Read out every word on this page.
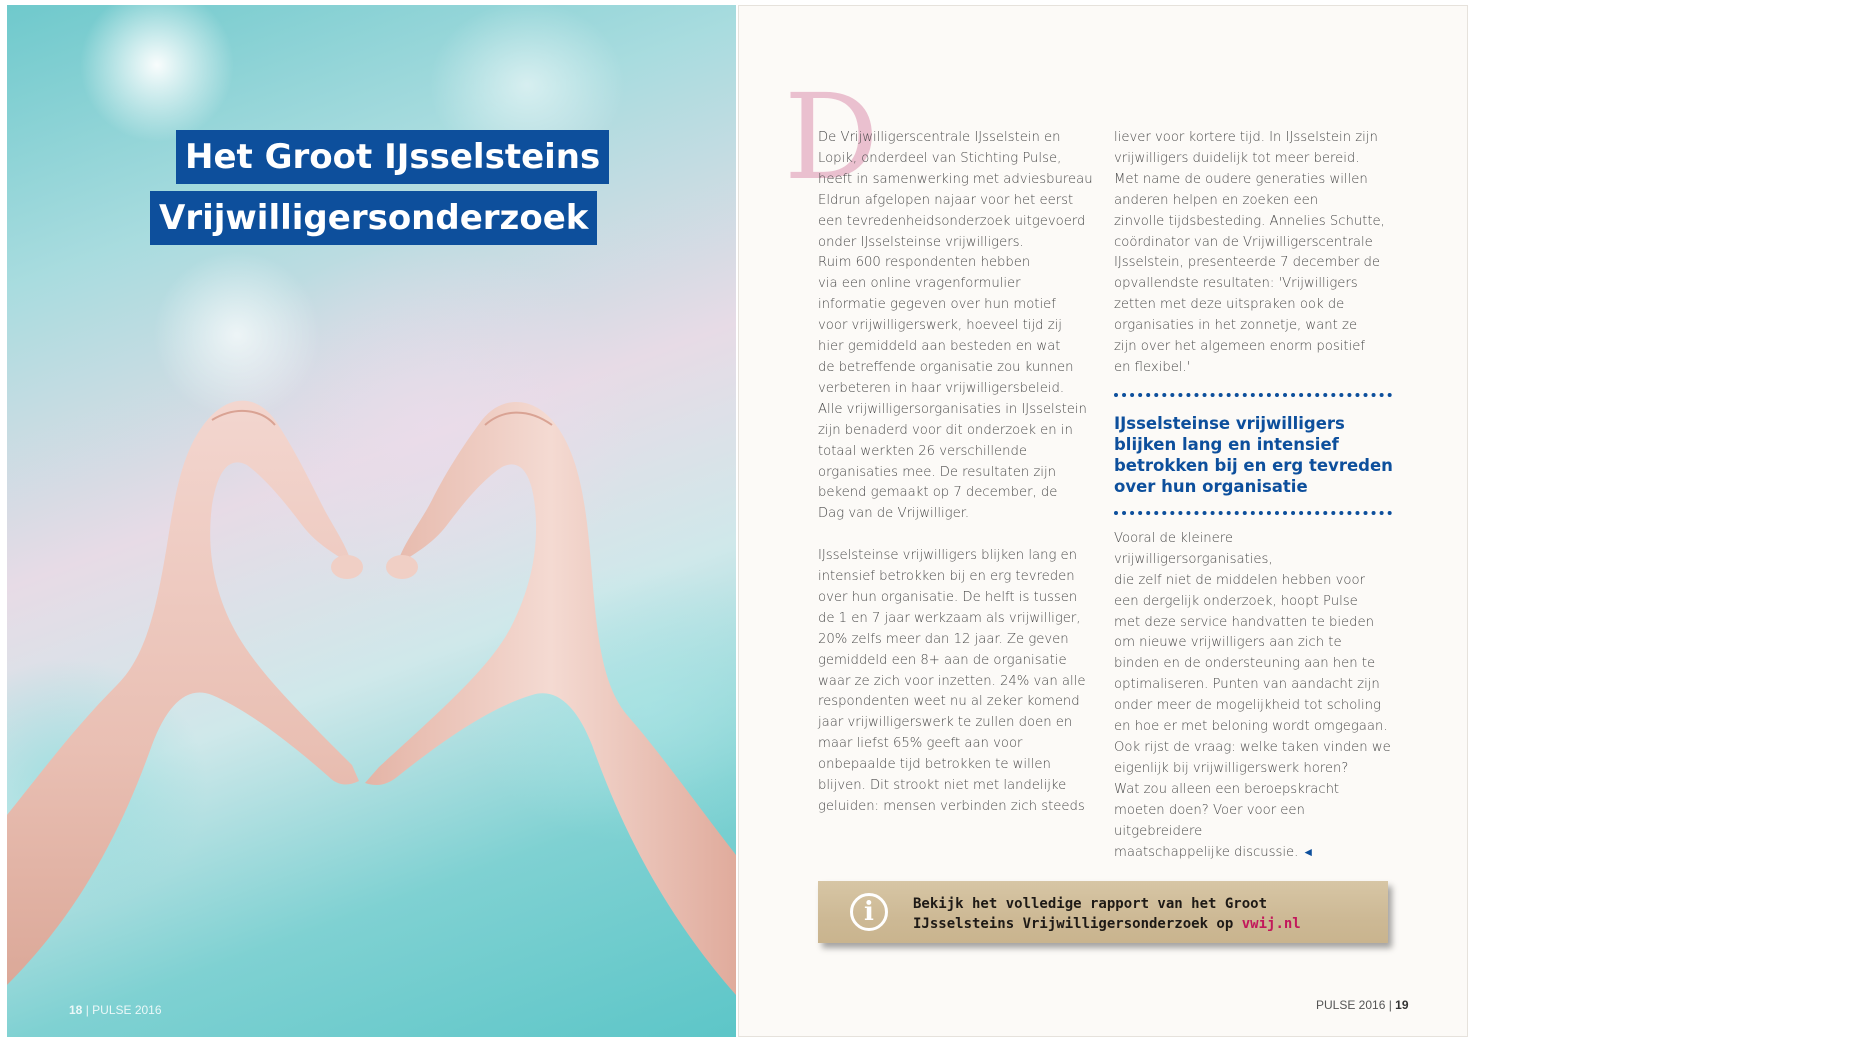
Het Groot IJsselsteins
Vrijwilligersonderzoek
18 | PULSE 2016
D

De Vrijwilligerscentrale IJsselstein en

Lopik, onderdeel van Stichting Pulse,

heeft in samenwerking met adviesbureau

Eldrun afgelopen najaar voor het eerst

een tevredenheidsonderzoek uitgevoerd

onder IJsselsteinse vrijwilligers.

Ruim 600 respondenten hebben

via een online vragenformulier

informatie gegeven over hun motief

voor vrijwilligerswerk, hoeveel tijd zij

hier gemiddeld aan besteden en wat

de betreffende organisatie zou kunnen

verbeteren in haar vrijwilligersbeleid.

Alle vrijwilligersorganisaties in IJsselstein

zijn benaderd voor dit onderzoek en in

totaal werkten 26 verschillende

organisaties mee. De resultaten zijn

bekend gemaakt op 7 december, de

Dag van de Vrijwilliger.

IJsselsteinse vrijwilligers blijken lang en

intensief betrokken bij en erg tevreden

over hun organisatie. De helft is tussen

de 1 en 7 jaar werkzaam als vrijwilliger,

20% zelfs meer dan 12 jaar. Ze geven

gemiddeld een 8+ aan de organisatie

waar ze zich voor inzetten. 24% van alle

respondenten weet nu al zeker komend

jaar vrijwilligerswerk te zullen doen en

maar liefst 65% geeft aan voor

onbepaalde tijd betrokken te willen

blijven. Dit strookt niet met landelijke

geluiden: mensen verbinden zich steeds

liever voor kortere tijd. In IJsselstein zijn

vrijwilligers duidelijk tot meer bereid.

Met name de oudere generaties willen

anderen helpen en zoeken een

zinvolle tijdsbesteding. Annelies Schutte,

coördinator van de Vrijwilligerscentrale

IJsselstein, presenteerde 7 december de

opvallendste resultaten: 'Vrijwilligers

zetten met deze uitspraken ook de

organisaties in het zonnetje, want ze

zijn over het algemeen enorm positief

en flexibel.'

IJsselsteinse vrijwilligers

blijken lang en intensief

betrokken bij en erg tevreden

over hun organisatie

Vooral de kleinere vrijwilligersorganisaties,

die zelf niet de middelen hebben voor

een dergelijk onderzoek, hoopt Pulse

met deze service handvatten te bieden

om nieuwe vrijwilligers aan zich te

binden en de ondersteuning aan hen te

optimaliseren. Punten van aandacht zijn

onder meer de mogelijkheid tot scholing

en hoe er met beloning wordt omgegaan.

Ook rijst de vraag: welke taken vinden we

eigenlijk bij vrijwilligerswerk horen?

Wat zou alleen een beroepskracht

moeten doen? Voer voor een uitgebreidere

maatschappelijke discussie. ◄
i	Bekijk het volledige rapport van het Groot
IJsselsteins Vrijwilligersonderzoek op vwij.nl
PULSE 2016 | 19
